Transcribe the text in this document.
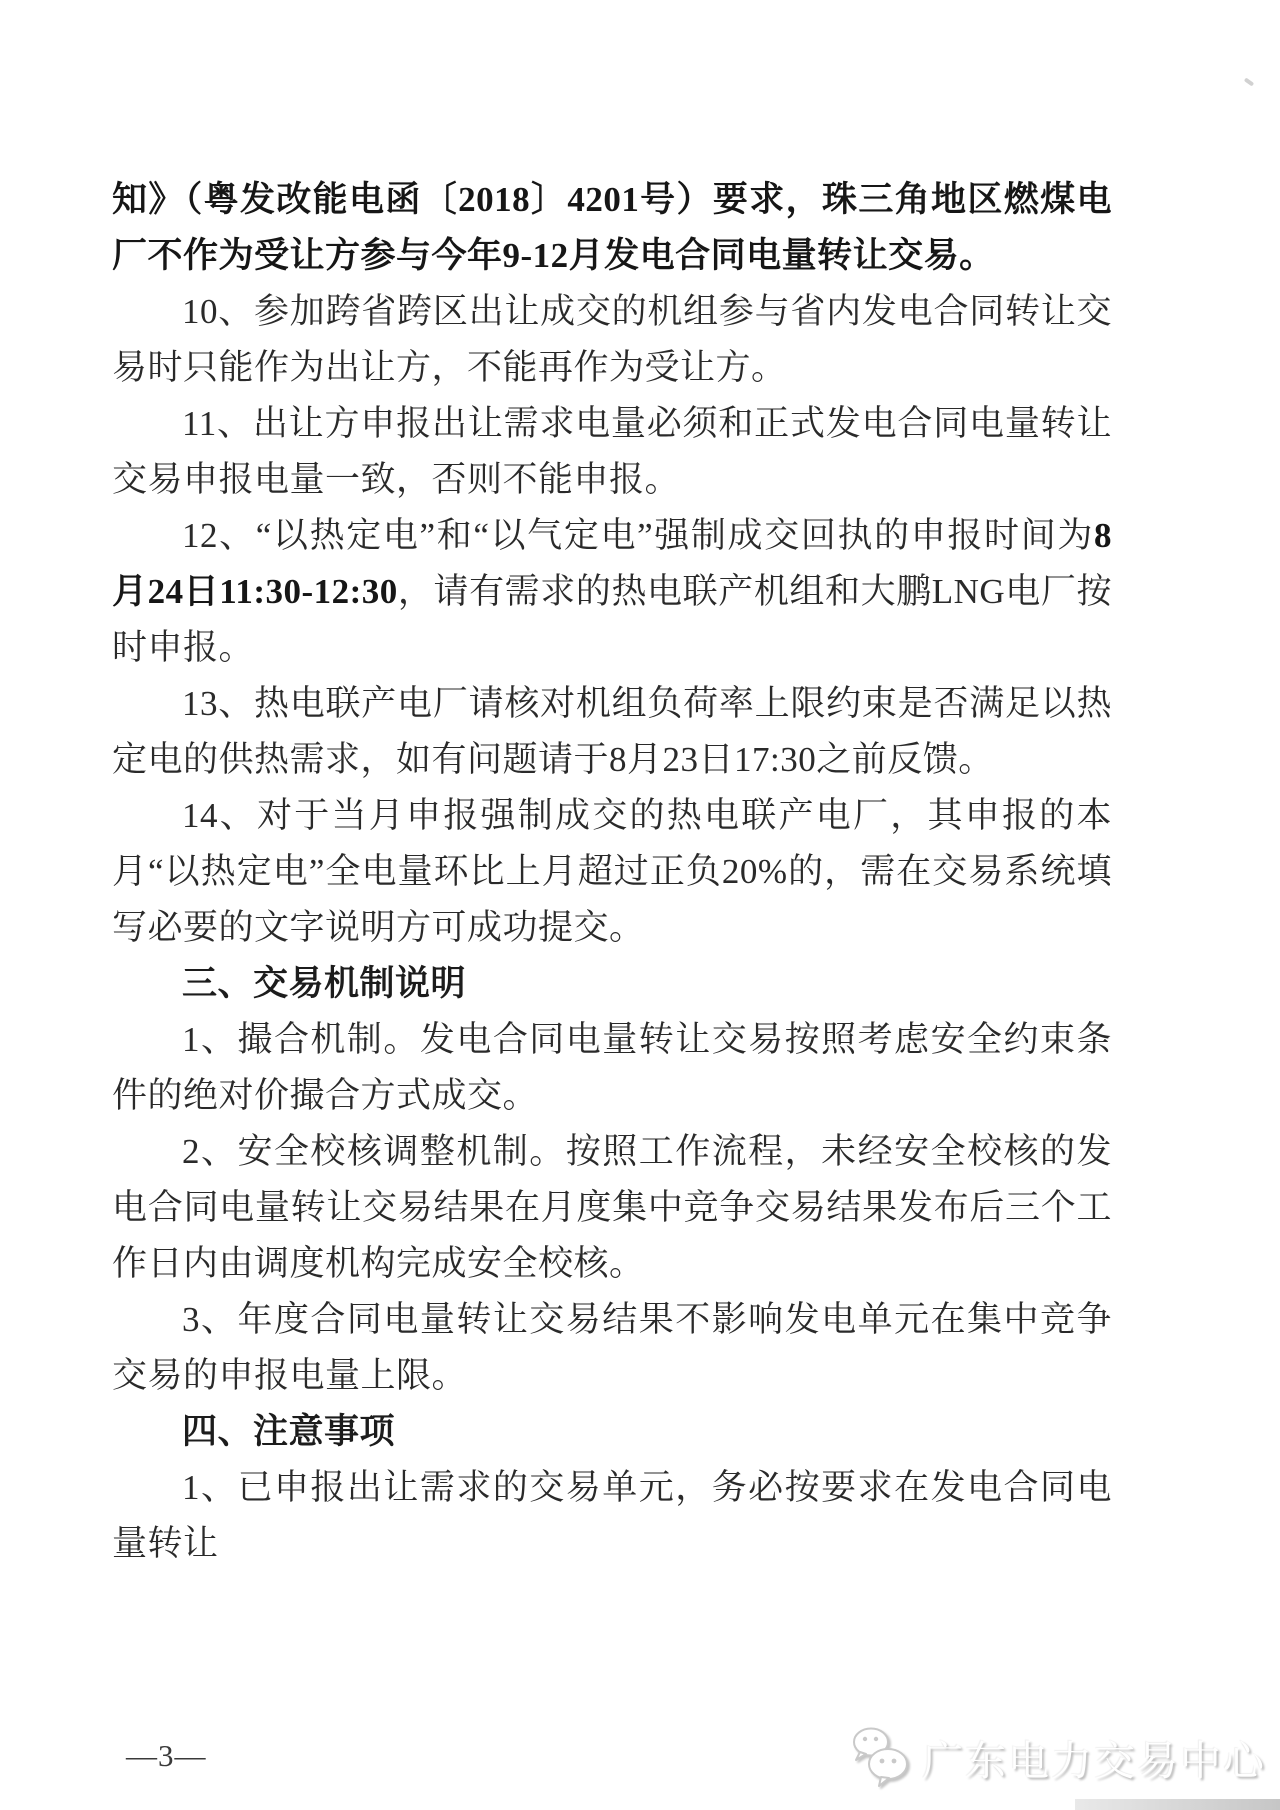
知》（粤发改能电函〔2018〕4201号）要求，珠三角地区燃煤电厂不作为受让方参与今年9-12月发电合同电量转让交易。

10、参加跨省跨区出让成交的机组参与省内发电合同转让交易时只能作为出让方，不能再作为受让方。

11、出让方申报出让需求电量必须和正式发电合同电量转让交易申报电量一致，否则不能申报。

12、“以热定电”和“以气定电”强制成交回执的申报时间为8月24日11:30-12:30，请有需求的热电联产机组和大鹏LNG电厂按时申报。

13、热电联产电厂请核对机组负荷率上限约束是否满足以热定电的供热需求，如有问题请于8月23日17:30之前反馈。

14、对于当月申报强制成交的热电联产电厂，其申报的本月“以热定电”全电量环比上月超过正负20%的，需在交易系统填写必要的文字说明方可成功提交。

三、交易机制说明

1、撮合机制。发电合同电量转让交易按照考虑安全约束条件的绝对价撮合方式成交。

2、安全校核调整机制。按照工作流程，未经安全校核的发电合同电量转让交易结果在月度集中竞争交易结果发布后三个工作日内由调度机构完成安全校核。

3、年度合同电量转让交易结果不影响发电单元在集中竞争交易的申报电量上限。

四、注意事项

1、已申报出让需求的交易单元，务必按要求在发电合同电量转让

—3—	广东电力交易中心
